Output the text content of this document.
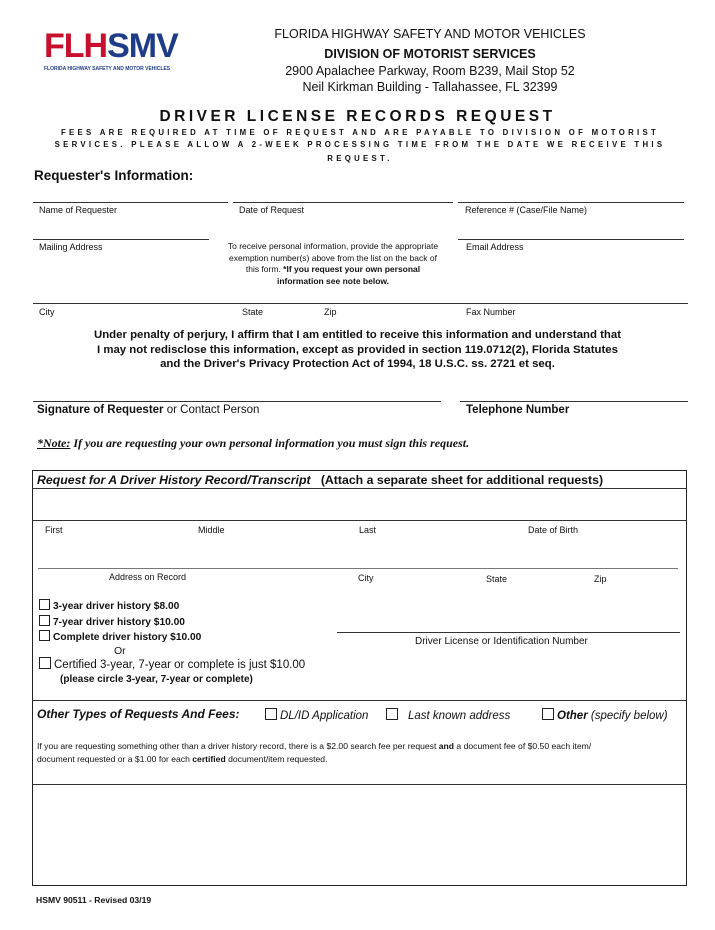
FLHSMV
FLORIDA HIGHWAY SAFETY AND MOTOR VEHICLES
FLORIDA HIGHWAY SAFETY AND MOTOR VEHICLES
DIVISION OF MOTORIST SERVICES
2900 Apalachee Parkway, Room B239, Mail Stop 52
Neil Kirkman Building - Tallahassee, FL 32399
DRIVER LICENSE RECORDS REQUEST
FEES ARE REQUIRED AT TIME OF REQUEST AND ARE PAYABLE TO DIVISION OF MOTORIST
SERVICES. PLEASE ALLOW A 2-WEEK PROCESSING TIME FROM THE DATE WE RECEIVE THIS
REQUEST.
Requester's Information:
Name of Requester	Date of Request	Reference # (Case/File Name)
Mailing Address	To receive personal information, provide the appropriate
exemption number(s) above from the list on the back of
this form. *If you request your own personal
information see note below.
Email Address
City	State	Zip	Fax Number
Under penalty of perjury, I affirm that I am entitled to receive this information and understand that
I may not redisclose this information, except as provided in section 119.0712(2), Florida Statutes
and the Driver's Privacy Protection Act of 1994, 18 U.S.C. ss. 2721 et seq.
Signature of Requester or Contact Person	Telephone Number
*Note: If you are requesting your own personal information you must sign this request.
Request for A Driver History Record/Transcript (Attach a separate sheet for additional requests)
First	Middle	Last	Date of Birth
Address on Record	City	State	Zip
3-year driver history $8.00
7-year driver history $10.00
Complete driver history $10.00
Or
Certified 3-year, 7-year or complete is just $10.00
(please circle 3-year, 7-year or complete)
Driver License or Identification Number
Other Types of Requests And Fees:	DL/ID Application	Last known address	Other (specify below)
If you are requesting something other than a driver history record, there is a $2.00 search fee per request and a document fee of $0.50 each item/
document requested or a $1.00 for each certified document/item requested.
HSMV 90511 - Revised 03/19
